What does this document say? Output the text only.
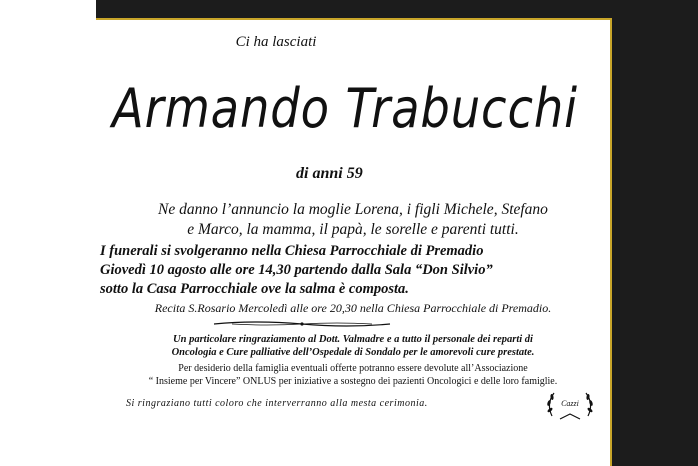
Ci ha lasciati
Armando Trabucchi
di anni 59
Ne danno l’annuncio la moglie Lorena, i figli Michele, Stefano
e Marco, la mamma, il papà, le sorelle e parenti tutti.
I funerali si svolgeranno nella Chiesa Parrocchiale di Premadio
Giovedì 10 agosto alle ore 14,30 partendo dalla Sala “Don Silvio”
sotto la Casa Parrocchiale ove la salma è composta.
Recita S.Rosario Mercoledì alle ore 20,30 nella Chiesa Parrocchiale di Premadio.
Un particolare ringraziamento al Dott. Valmadre e a tutto il personale dei reparti di
Oncologia e Cure palliative dell’Ospedale di Sondalo per le amorevoli cure prestate.
Per desiderio della famiglia eventuali offerte potranno essere devolute all’Associazione
“ Insieme per Vincere” ONLUS per iniziative a sostegno dei pazienti Oncologici e delle loro famiglie.
Si ringraziano tutti coloro che interverranno alla mesta cerimonia.	Cazzi
